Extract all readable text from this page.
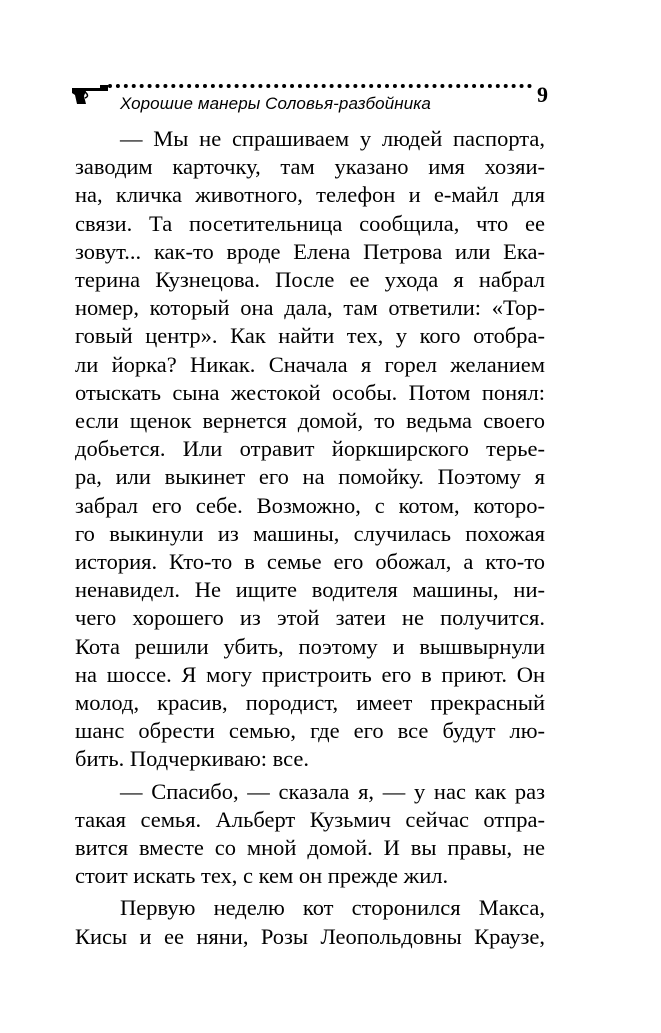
Хорошие манеры Соловья-разбойника	9

— Мы не спрашиваем у людей паспорта,
заводим карточку, там указано имя хозяи-
на, кличка животного, телефон и е-майл для
связи. Та посетительница сообщила, что ее
зовут... как-то вроде Елена Петрова или Ека-
терина Кузнецова. После ее ухода я набрал
номер, который она дала, там ответили: «Тор-
говый центр». Как найти тех, у кого отобра-
ли йорка? Никак. Сначала я горел желанием
отыскать сына жестокой особы. Потом понял:
если щенок вернется домой, то ведьма своего
добьется. Или отравит йоркширского терье-
ра, или выкинет его на помойку. Поэтому я
забрал его себе. Возможно, с котом, которо-
го выкинули из машины, случилась похожая
история. Кто-то в семье его обожал, а кто-то
ненавидел. Не ищите водителя машины, ни-
чего хорошего из этой затеи не получится.
Кота решили убить, поэтому и вышвырнули
на шоссе. Я могу пристроить его в приют. Он
молод, красив, породист, имеет прекрасный
шанс обрести семью, где его все будут лю-
бить. Подчеркиваю: все.

— Спасибо, — сказала я, — у нас как раз
такая семья. Альберт Кузьмич сейчас отпра-
вится вместе со мной домой. И вы правы, не
стоит искать тех, с кем он прежде жил.

Первую неделю кот сторонился Макса,
Кисы и ее няни, Розы Леопольдовны Краузе,
